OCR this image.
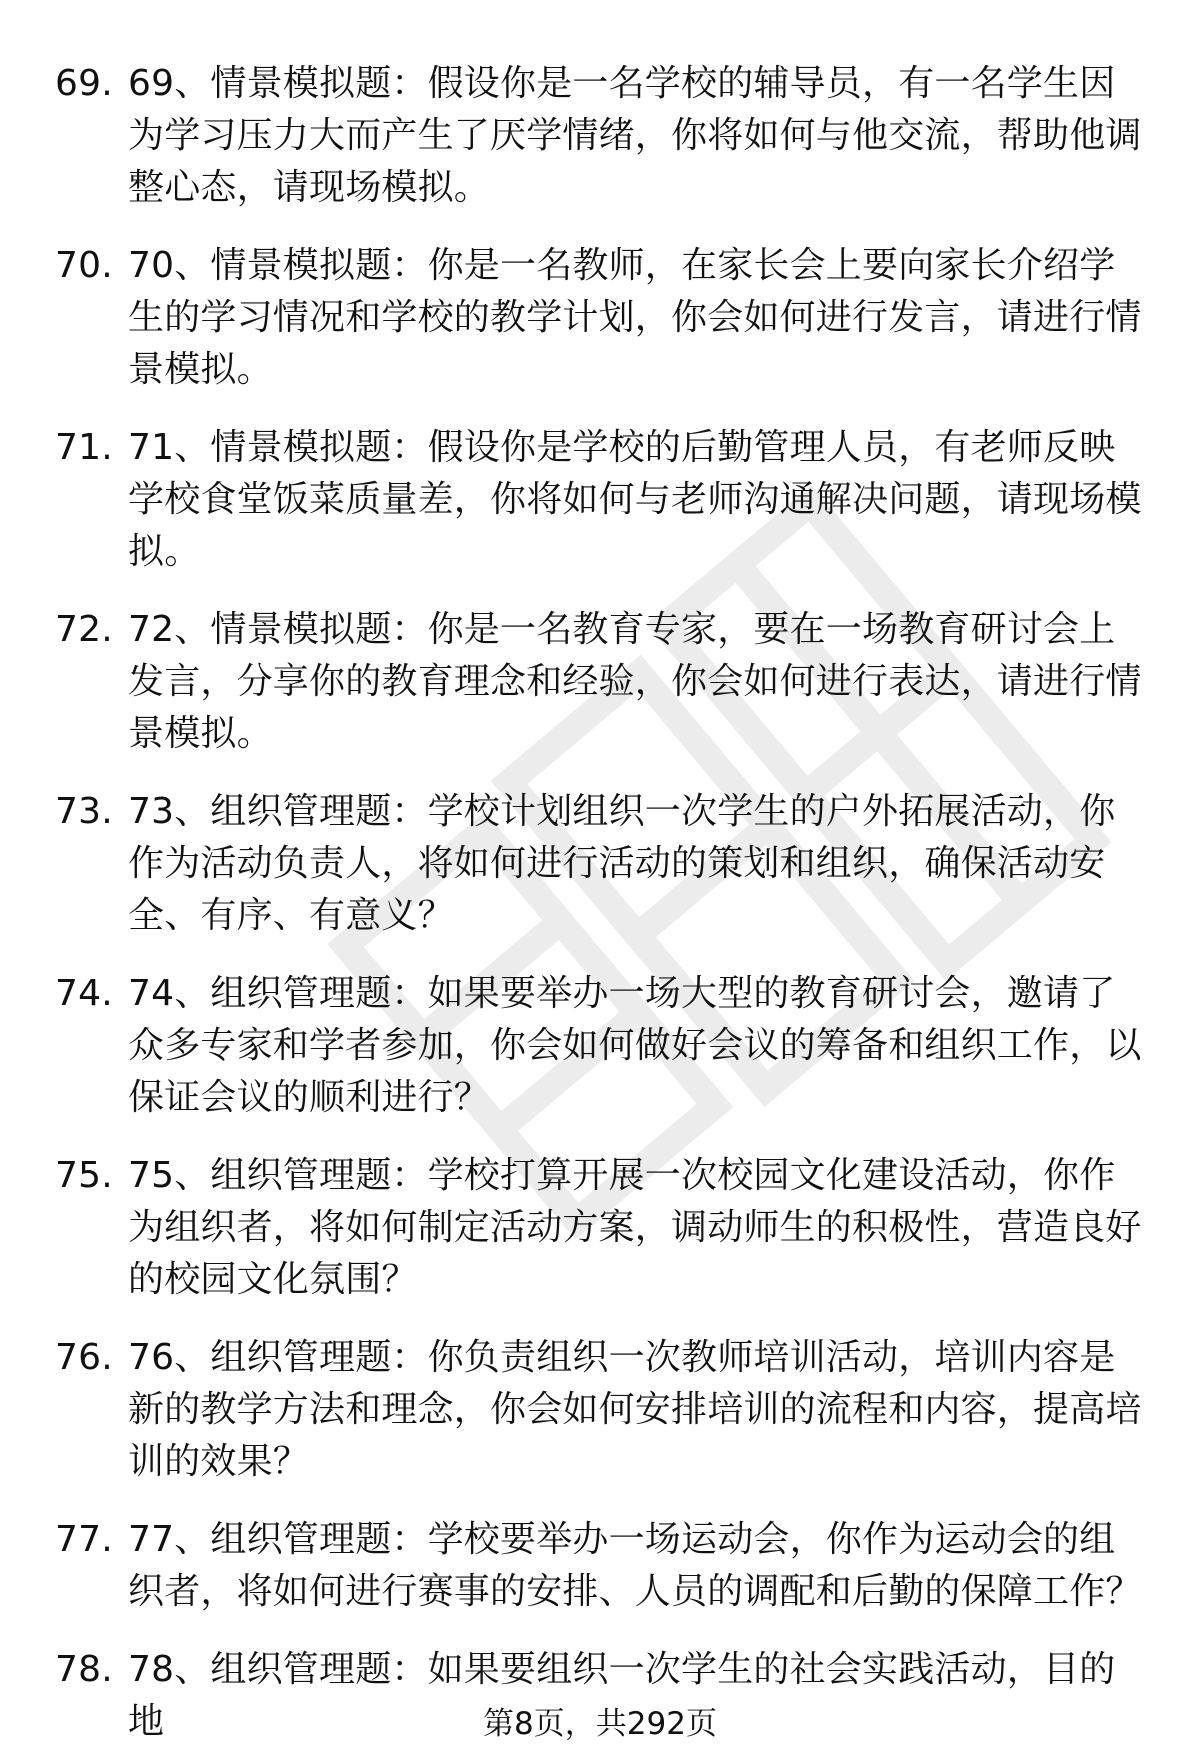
69. 69、情景模拟题：假设你是一名学校的辅导员，有一名学生因为学习压力大而产生了厌学情绪，你将如何与他交流，帮助他调整心态，请现场模拟。
70. 70、情景模拟题：你是一名教师，在家长会上要向家长介绍学生的学习情况和学校的教学计划，你会如何进行发言，请进行情景模拟。
71. 71、情景模拟题：假设你是学校的后勤管理人员，有老师反映学校食堂饭菜质量差，你将如何与老师沟通解决问题，请现场模拟。
72. 72、情景模拟题：你是一名教育专家，要在一场教育研讨会上发言，分享你的教育理念和经验，你会如何进行表达，请进行情景模拟。
73. 73、组织管理题：学校计划组织一次学生的户外拓展活动，你作为活动负责人，将如何进行活动的策划和组织，确保活动安全、有序、有意义？
74. 74、组织管理题：如果要举办一场大型的教育研讨会，邀请了众多专家和学者参加，你会如何做好会议的筹备和组织工作，以保证会议的顺利进行？
75. 75、组织管理题：学校打算开展一次校园文化建设活动，你作为组织者，将如何制定活动方案，调动师生的积极性，营造良好的校园文化氛围？
76. 76、组织管理题：你负责组织一次教师培训活动，培训内容是新的教学方法和理念，你会如何安排培训的流程和内容，提高培训的效果？
77. 77、组织管理题：学校要举办一场运动会，你作为运动会的组织者，将如何进行赛事的安排、人员的调配和后勤的保障工作？
78. 78、组织管理题：如果要组织一次学生的社会实践活动，目的地	第8页，共292页
